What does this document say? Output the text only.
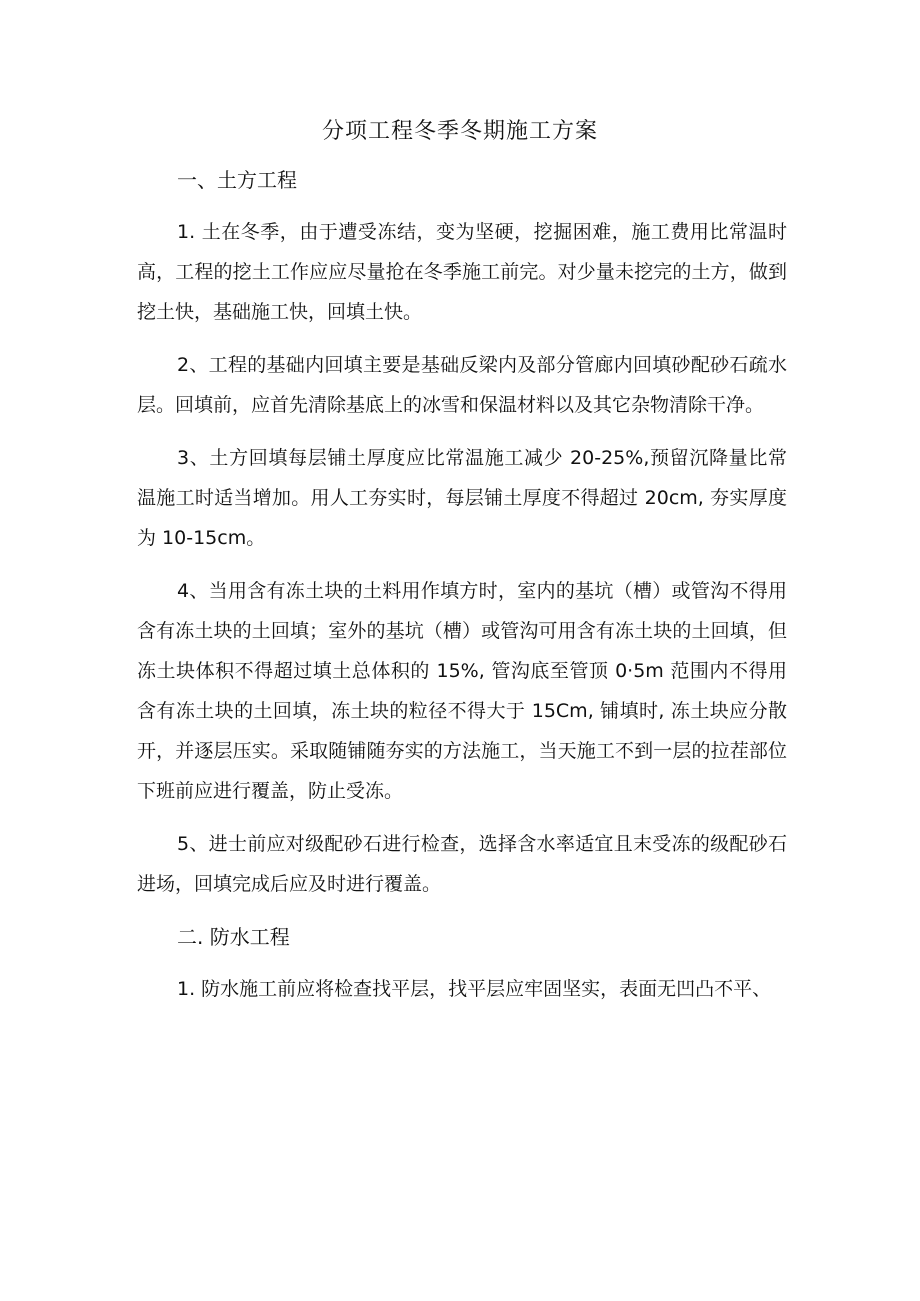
分项工程冬季冬期施工方案
一、土方工程

1. 土在冬季，由于遭受冻结，变为坚硬，挖掘困难，施工费用比常温时高，工程的挖土工作应应尽量抢在冬季施工前完。对少量未挖完的土方，做到挖土快，基础施工快，回填土快。

2、工程的基础内回填主要是基础反梁内及部分管廊内回填砂配砂石疏水层。回填前，应首先清除基底上的冰雪和保温材料以及其它杂物清除干净。

3、土方回填每层铺土厚度应比常温施工减少 20-25%,预留沉降量比常温施工时适当增加。用人工夯实时，每层铺土厚度不得超过 20cm, 夯实厚度为 10-15cm。

4、当用含有冻土块的土料用作填方时，室内的基坑（槽）或管沟不得用含有冻土块的土回填；室外的基坑（槽）或管沟可用含有冻土块的土回填，但冻土块体积不得超过填土总体积的 15%, 管沟底至管顶 0·5m 范围内不得用含有冻土块的土回填，冻土块的粒径不得大于 15Cm, 铺填时, 冻土块应分散开，并逐层压实。采取随铺随夯实的方法施工，当天施工不到一层的拉茬部位下班前应进行覆盖，防止受冻。

5、进士前应对级配砂石进行检查，选择含水率适宜且末受冻的级配砂石进场，回填完成后应及时进行覆盖。

二. 防水工程

1. 防水施工前应将检查找平层，找平层应牢固坚实，表面无凹凸不平、
